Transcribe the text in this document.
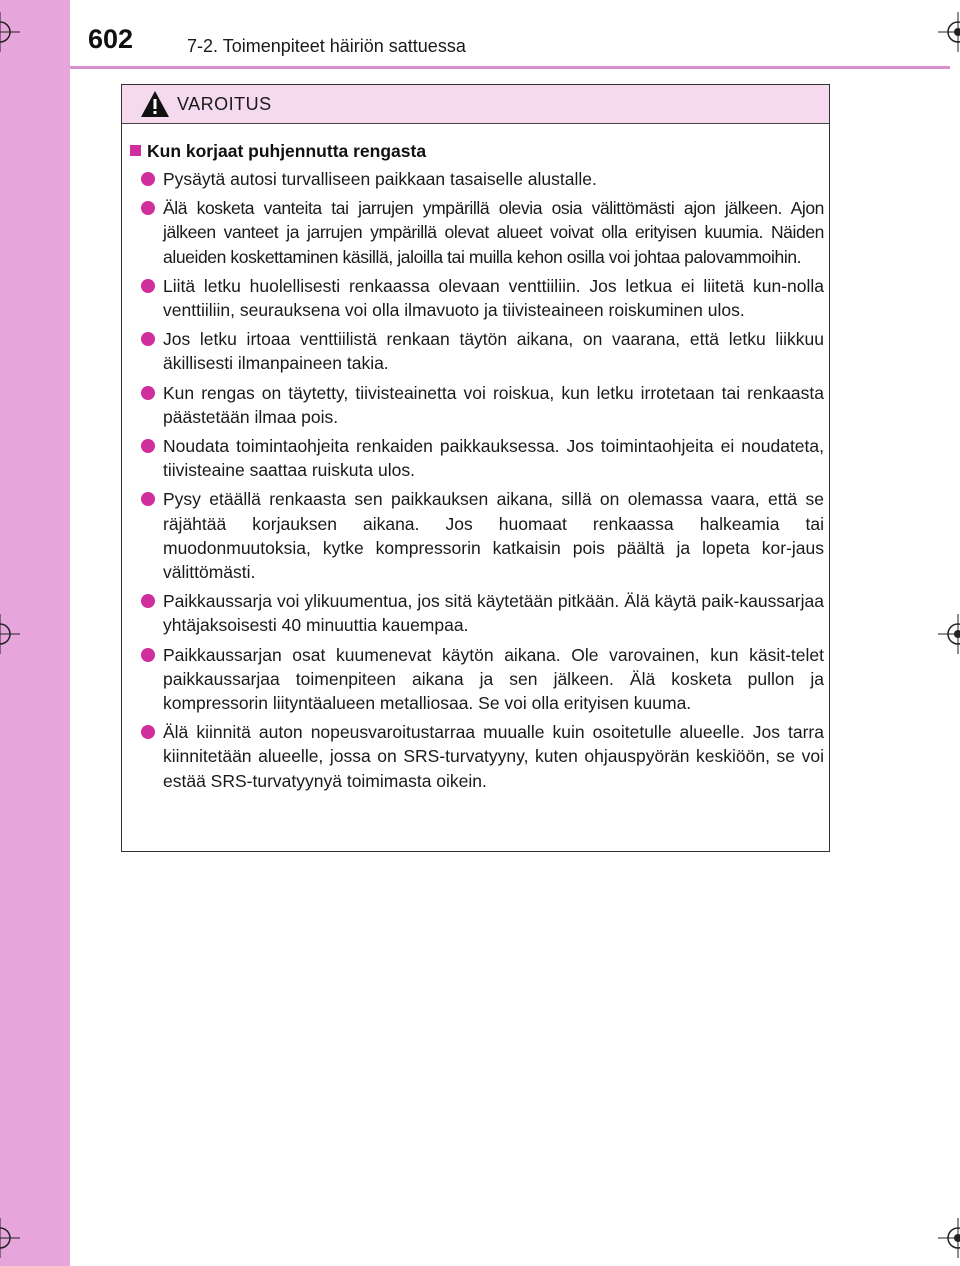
602	7-2. Toimenpiteet häiriön sattuessa
VAROITUS
Kun korjaat puhjennutta rengasta
Pysäytä autosi turvalliseen paikkaan tasaiselle alustalle.
Älä kosketa vanteita tai jarrujen ympärillä olevia osia välittömästi ajon jälkeen. Ajon jälkeen vanteet ja jarrujen ympärillä olevat alueet voivat olla erityisen kuumia. Näiden alueiden koskettaminen käsillä, jaloilla tai muilla kehon osilla voi johtaa palovammoihin.
Liitä letku huolellisesti renkaassa olevaan venttiiliin. Jos letkua ei liitetä kun-nolla venttiiliin, seurauksena voi olla ilmavuoto ja tiivisteaineen roiskuminen ulos.
Jos letku irtoaa venttiilistä renkaan täytön aikana, on vaarana, että letku liikkuu äkillisesti ilmanpaineen takia.
Kun rengas on täytetty, tiivisteainetta voi roiskua, kun letku irrotetaan tai renkaasta päästetään ilmaa pois.
Noudata toimintaohjeita renkaiden paikkauksessa. Jos toimintaohjeita ei noudateta, tiivisteaine saattaa ruiskuta ulos.
Pysy etäällä renkaasta sen paikkauksen aikana, sillä on olemassa vaara, että se räjähtää korjauksen aikana. Jos huomaat renkaassa halkeamia tai muodonmuutoksia, kytke kompressorin katkaisin pois päältä ja lopeta kor-jaus välittömästi.
Paikkaussarja voi ylikuumentua, jos sitä käytetään pitkään. Älä käytä paik-kaussarjaa yhtäjaksoisesti 40 minuuttia kauempaa.
Paikkaussarjan osat kuumenevat käytön aikana. Ole varovainen, kun käsit-telet paikkaussarjaa toimenpiteen aikana ja sen jälkeen. Älä kosketa pullon ja kompressorin liityntäalueen metalliosaa. Se voi olla erityisen kuuma.
Älä kiinnitä auton nopeusvaroitustarraa muualle kuin osoitetulle alueelle. Jos tarra kiinnitetään alueelle, jossa on SRS-turvatyyny, kuten ohjauspyörän keskiöön, se voi estää SRS-turvatyynyä toimimasta oikein.
